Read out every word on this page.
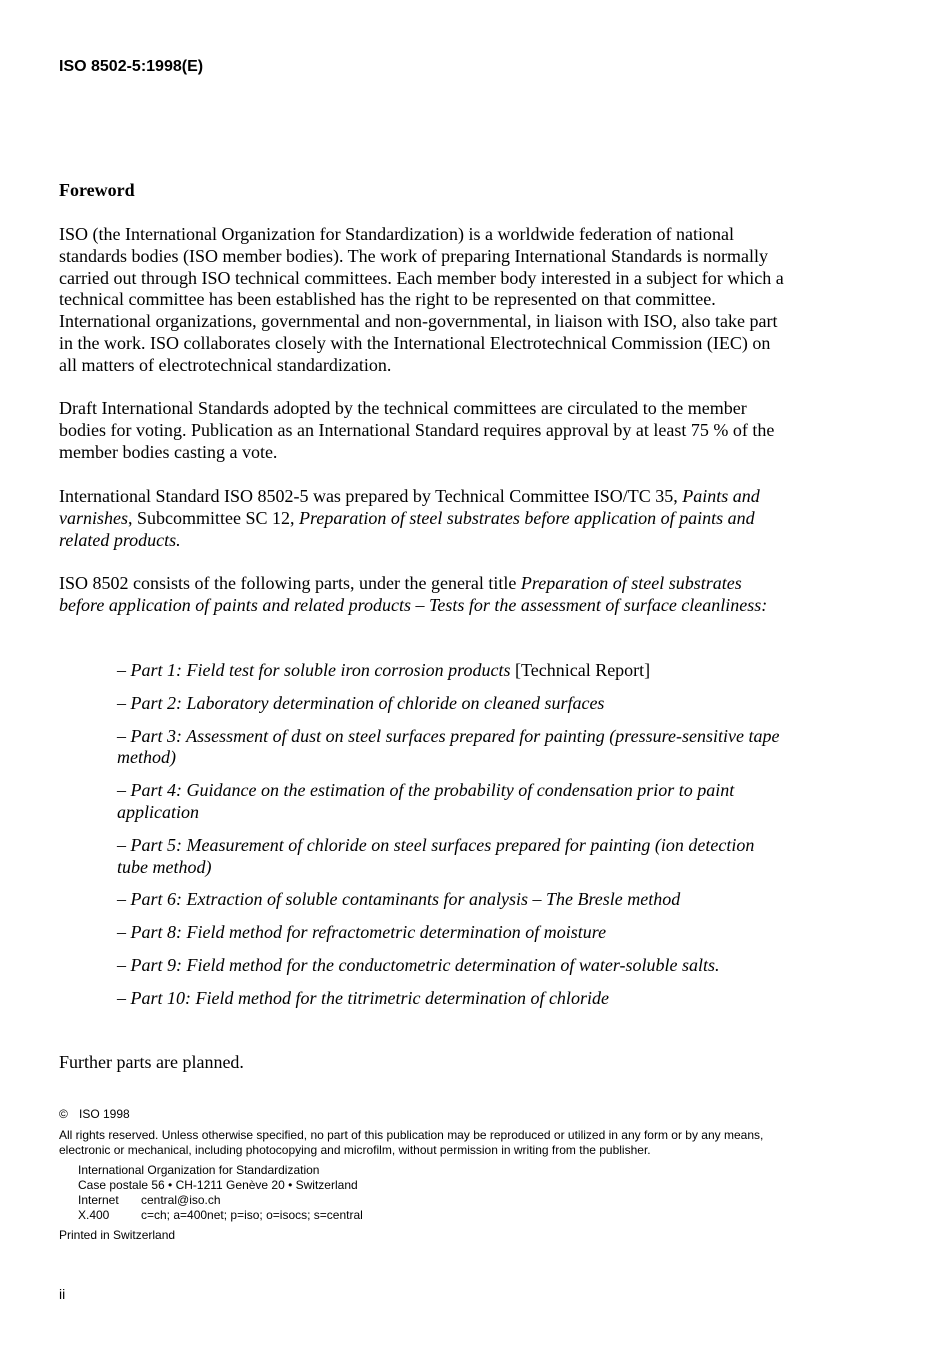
ISO 8502-5:1998(E)
Foreword

ISO (the International Organization for Standardization) is a worldwide federation of national standards bodies (ISO member bodies). The work of preparing International Standards is normally carried out through ISO technical committees. Each member body interested in a subject for which a technical committee has been established has the right to be represented on that committee. International organizations, governmental and non-governmental, in liaison with ISO, also take part in the work. ISO collaborates closely with the International Electrotechnical Commission (IEC) on all matters of electrotechnical standardization.

Draft International Standards adopted by the technical committees are circulated to the member bodies for voting. Publication as an International Standard requires approval by at least 75 % of the member bodies casting a vote.

International Standard ISO 8502-5 was prepared by Technical Committee ISO/TC 35, Paints and varnishes, Subcommittee SC 12, Preparation of steel substrates before application of paints and related products.

ISO 8502 consists of the following parts, under the general title Preparation of steel substrates before application of paints and related products – Tests for the assessment of surface cleanliness:

– Part 1: Field test for soluble iron corrosion products [Technical Report]
– Part 2: Laboratory determination of chloride on cleaned surfaces
– Part 3: Assessment of dust on steel surfaces prepared for painting (pressure-sensitive tape method)
– Part 4: Guidance on the estimation of the probability of condensation prior to paint application
– Part 5: Measurement of chloride on steel surfaces prepared for painting (ion detection tube method)
– Part 6: Extraction of soluble contaminants for analysis – The Bresle method
– Part 8: Field method for refractometric determination of moisture
– Part 9: Field method for the conductometric determination of water-soluble salts.
– Part 10: Field method for the titrimetric determination of chloride

Further parts are planned.

© ISO 1998
All rights reserved. Unless otherwise specified, no part of this publication may be reproduced or utilized in any form or by any means, electronic or mechanical, including photocopying and microfilm, without permission in writing from the publisher.
International Organization for Standardization
Case postale 56 • CH-1211 Genève 20 • Switzerland
Internet central@iso.ch
X.400	c=ch; a=400net; p=iso; o=isocs; s=central
Printed in Switzerland
ii
